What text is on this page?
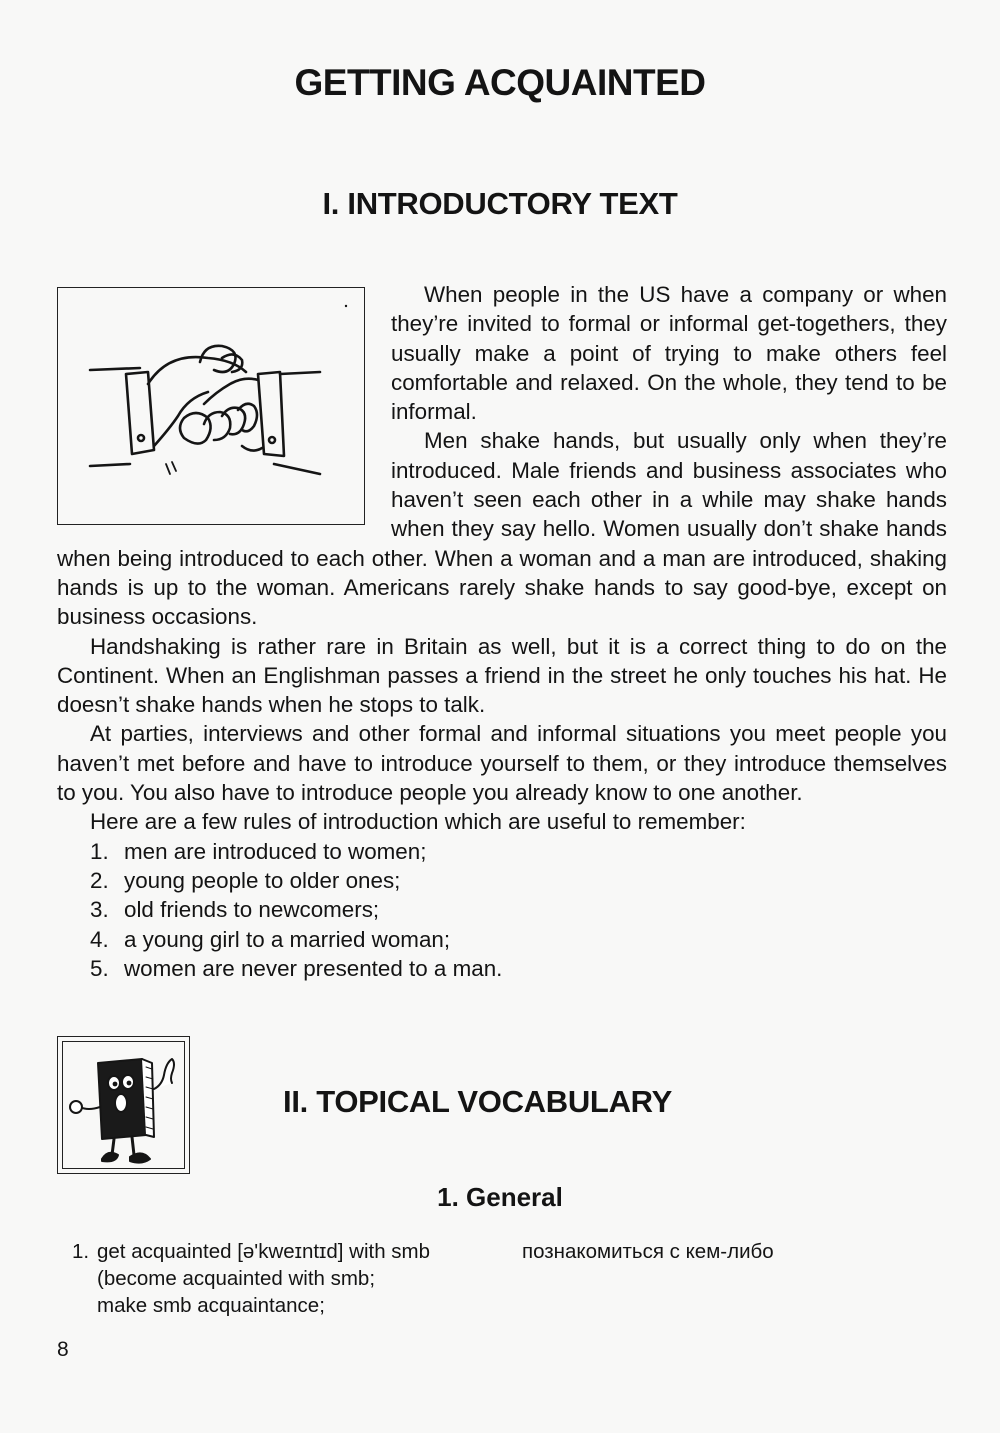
GETTING ACQUAINTED
I. INTRODUCTORY TEXT

When people in the US have a company or when they’re invited to formal or informal get-togethers, they usually make a point of trying to make others feel comfortable and relaxed. On the whole, they tend to be informal.

Men shake hands, but usually only when they’re introduced. Male friends and business associates who haven’t seen each other in a while may shake hands when they say hello. Women usually don’t shake hands when being introduced to each other. When a woman and a man are introduced, shaking hands is up to the woman. Americans rarely shake hands to say good-bye, except on business occasions.

Handshaking is rather rare in Britain as well, but it is a correct thing to do on the Continent. When an Englishman passes a friend in the street he only touches his hat. He doesn’t shake hands when he stops to talk.

At parties, interviews and other formal and informal situations you meet people you haven’t met before and have to introduce yourself to them, or they introduce themselves to you. You also have to introduce people you already know to one another.

Here are a few rules of introduction which are useful to remember:

1. men are introduced to women;
2. young people to older ones;
3. old friends to newcomers;
4. a young girl to a married woman;
5. women are never presented to a man.
II. TOPICAL VOCABULARY
1. General
1. get acquainted [ə'kweɪntɪd] with smb
(become acquainted with smb;
make smb acquaintance;
познакомиться с кем-либо
8
